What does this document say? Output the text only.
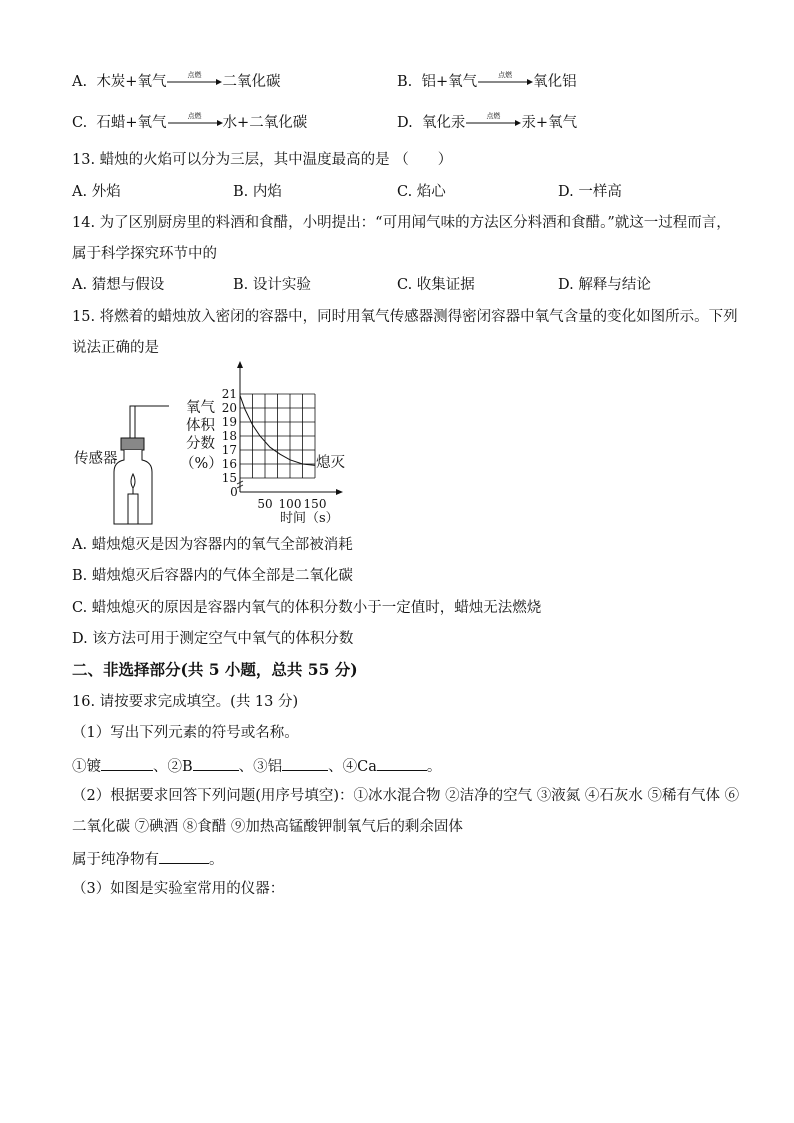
A. 木炭+氧气	点燃	二氧化碳	B. 铝+氧气	点燃	氧化铝
C. 石蜡+氧气	点燃	水+二氧化碳	D. 氧化汞	点燃	汞+氧气
13. 蜡烛的火焰可以分为三层，其中温度最高的是 （　　）
A. 外焰	B. 内焰	C. 焰心	D. 一样高
14. 为了区别厨房里的料酒和食醋，小明提出：“可用闻气味的方法区分料酒和食醋。”就这一过程而言，
属于科学探究环节中的
A. 猜想与假设	B. 设计实验	C. 收集证据	D. 解释与结论
15. 将燃着的蜡烛放入密闭的容器中，同时用氧气传感器测得密闭容器中氧气含量的变化如图所示。下列
说法正确的是
传感器
氧气
体积
分数
（%）
15
16
17
18
19
20
21
0
50 100 150
熄灭
时间（s）
A. 蜡烛熄灭是因为容器内的氧气全部被消耗
B. 蜡烛熄灭后容器内的气体全部是二氧化碳
C. 蜡烛熄灭的原因是容器内氧气的体积分数小于一定值时，蜡烛无法燃烧
D. 该方法可用于测定空气中氧气的体积分数
二、非选择部分(共 5 小题，总共 55 分)
16. 请按要求完成填空。(共 13 分)
（1）写出下列元素的符号或名称。
①镀	、②B	、③铝	、④Ca	。
（2）根据要求回答下列问题(用序号填空)：①冰水混合物 ②洁净的空气 ③液氮 ④石灰水 ⑤稀有气体 ⑥
二氧化碳 ⑦碘酒 ⑧食醋 ⑨加热高锰酸钾制氧气后的剩余固体
属于纯净物有	。
（3）如图是实验室常用的仪器：
